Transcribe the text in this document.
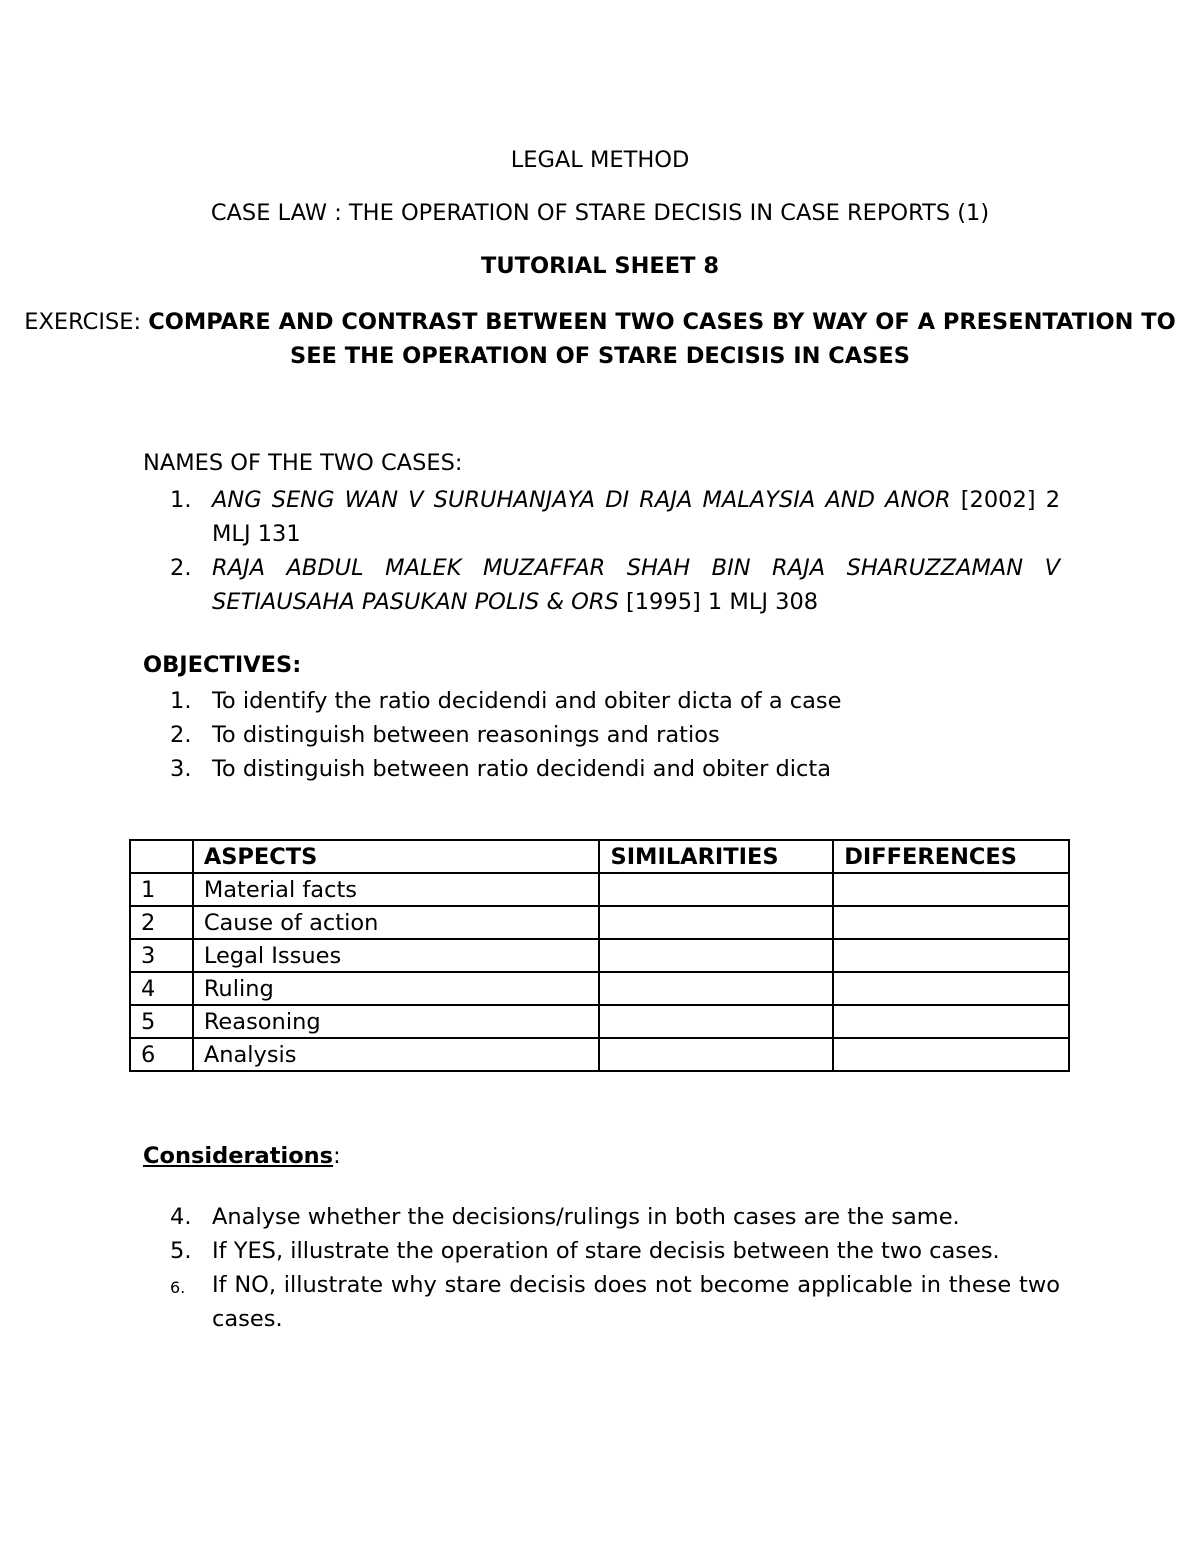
LEGAL METHOD
CASE LAW : THE OPERATION OF STARE DECISIS IN CASE REPORTS (1)
TUTORIAL SHEET 8
EXERCISE: COMPARE AND CONTRAST BETWEEN TWO CASES BY WAY OF A PRESENTATION TO SEE THE OPERATION OF STARE DECISIS IN CASES
NAMES OF THE TWO CASES:
1. ANG SENG WAN V SURUHANJAYA DI RAJA MALAYSIA AND ANOR [2002] 2 MLJ 131
2. RAJA ABDUL MALEK MUZAFFAR SHAH BIN RAJA SHARUZZAMAN V SETIAUSAHA PASUKAN POLIS & ORS [1995] 1 MLJ 308
OBJECTIVES:
1. To identify the ratio decidendi and obiter dicta of a case
2. To distinguish between reasonings and ratios
3. To distinguish between ratio decidendi and obiter dicta
	ASPECTS	SIMILARITIES	DIFFERENCES
1	Material facts		
2	Cause of action		
3	Legal Issues		
4	Ruling		
5	Reasoning		
6	Analysis		
Considerations:
4. Analyse whether the decisions/rulings in both cases are the same.
5. If YES, illustrate the operation of stare decisis between the two cases.
6. If NO, illustrate why stare decisis does not become applicable in these two cases.
